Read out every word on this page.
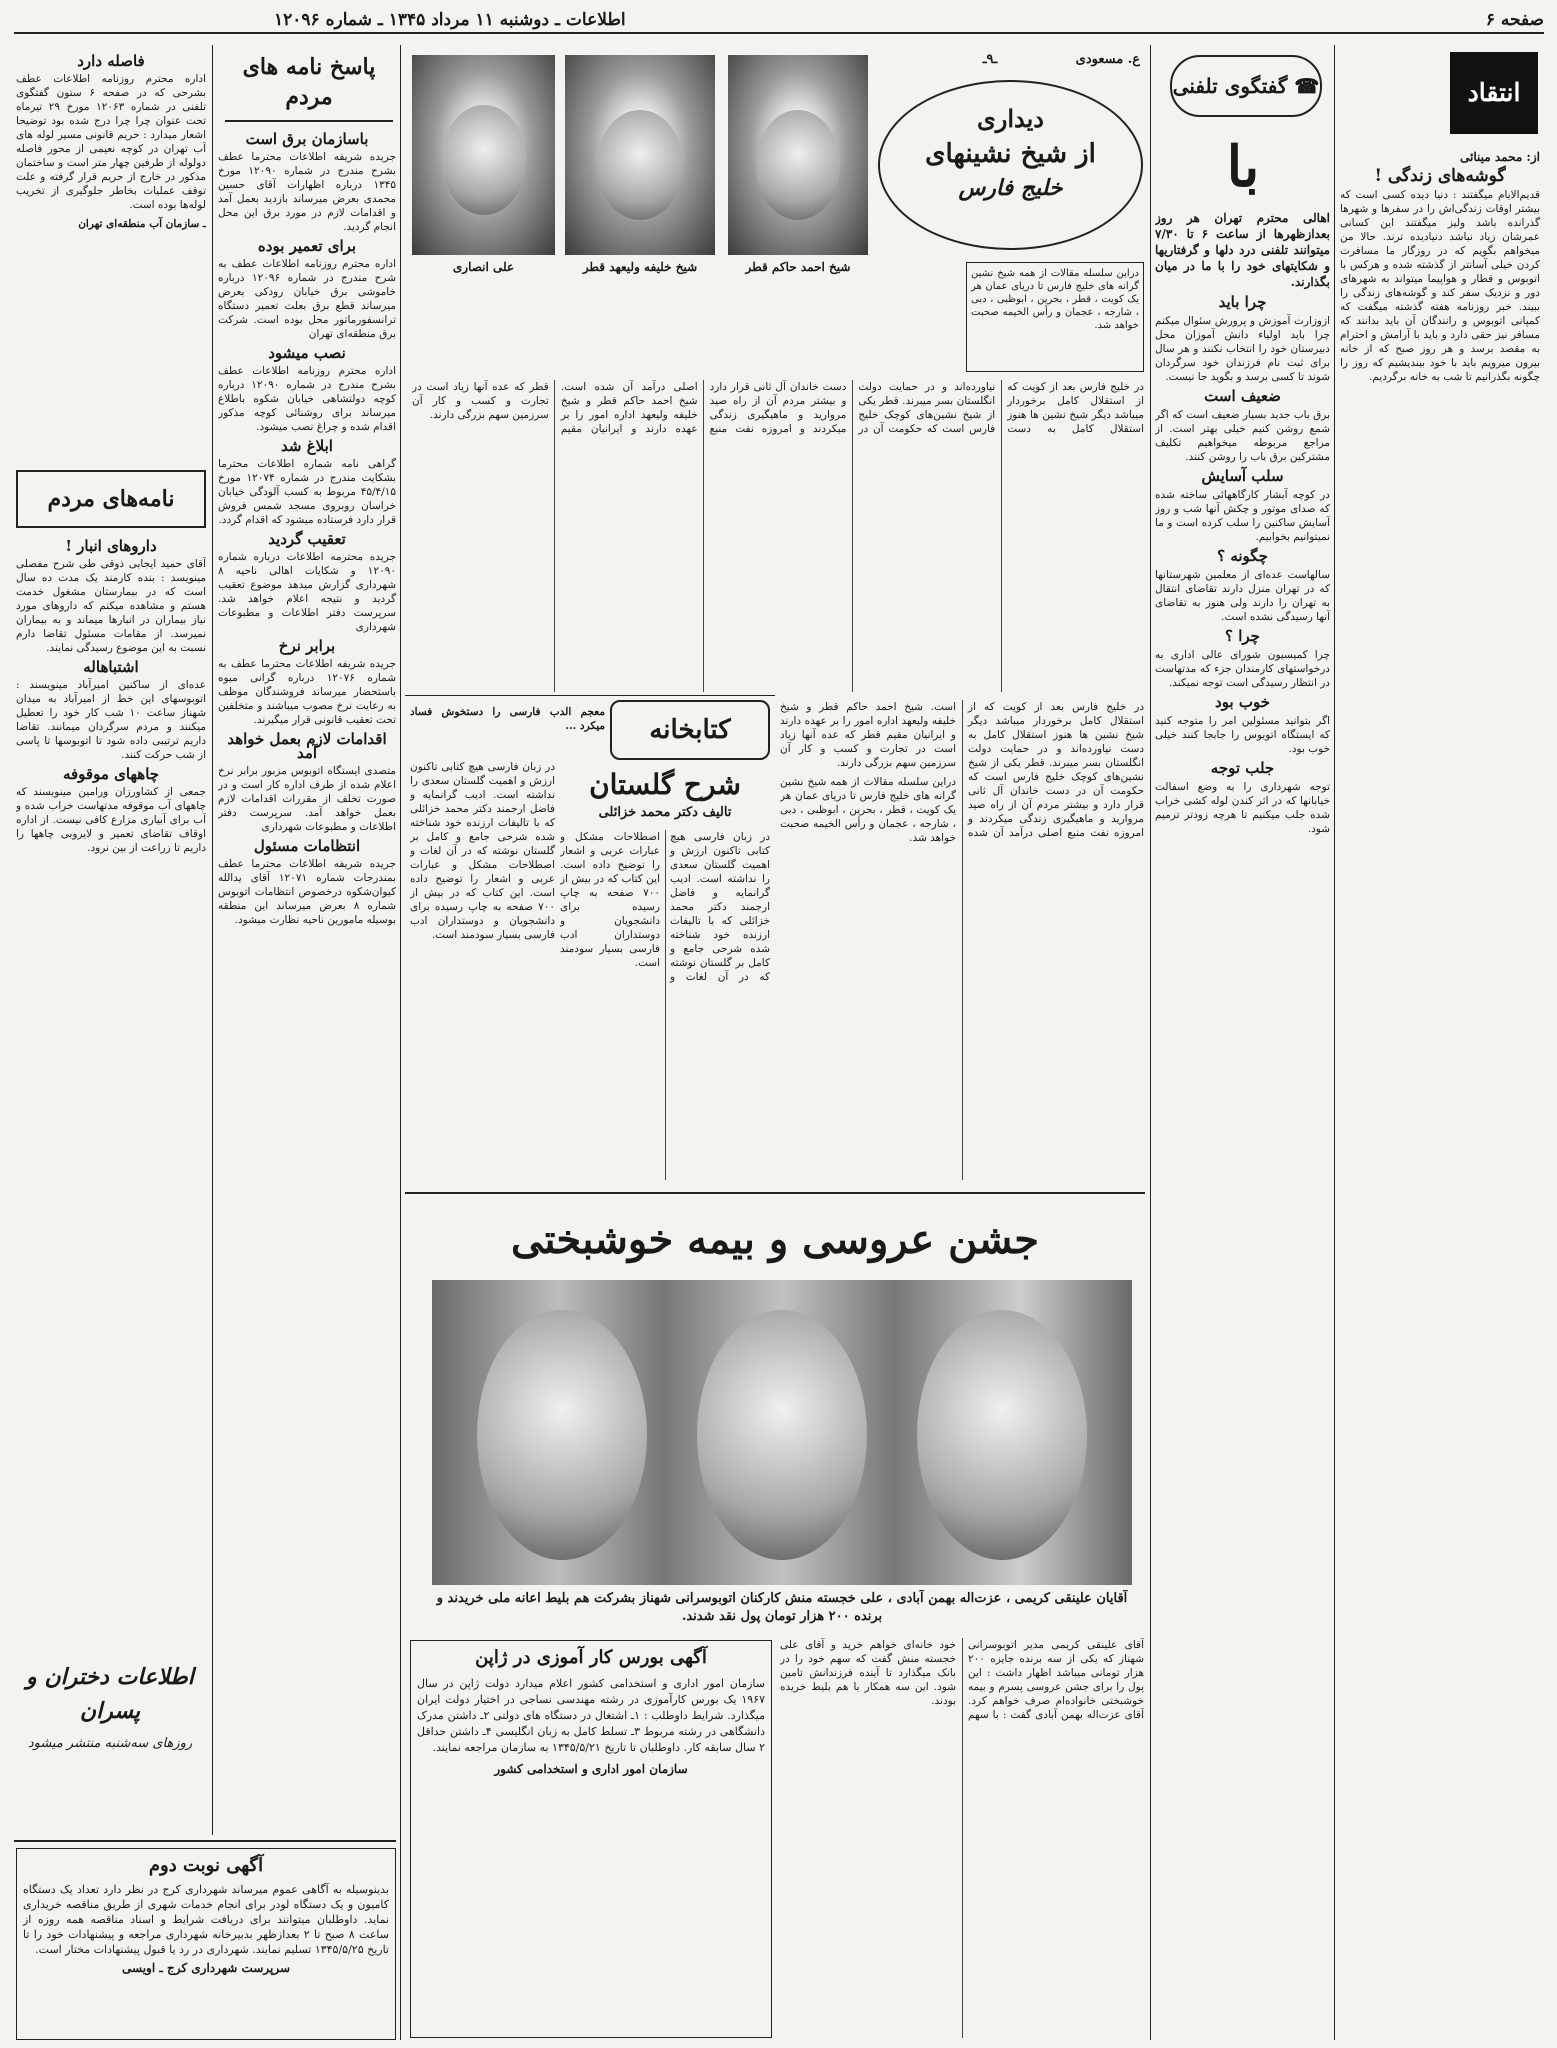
صفحه ۶
اطلاعات ـ دوشنبه ۱۱ مرداد ۱۳۴۵ ـ شماره ۱۲۰۹۶
انتقاد

از: محمد مینائی

گوشه‌های زندگی !

قدیم‌الایام میگفتند : دنیا دیده کسی است که بیشتر اوقات زندگی‌اش را در سفرها و شهرها گذرانده باشد ولیز میگفتند این کسانی عمرشان زیاد نباشد دنیادیده ترند. حالا من میخواهم بگویم که در روزگار ما مسافرت کردن خیلی آسانتر از گذشته شده و هرکس با اتوبوس و قطار و هواپیما میتواند به شهرهای دور و نزدیک سفر کند و گوشه‌های زندگی را ببیند. خبر روزنامه هفته گذشته میگفت که کمپانی اتوبوس و رانندگان آن باید بدانند که مسافر نیز حقی دارد و باید با آرامش و احترام به مقصد برسد و هر روز صبح که از خانه بیرون میرویم باید با خود بیندیشیم که روز را چگونه بگذرانیم تا شب به خانه برگردیم.

☎ گفتگوی تلفنی
با

اهالی محترم تهران هر روز بعدازظهرها از ساعت ۶ تا ۷/۳۰ میتوانند تلفنی درد دلها و گرفتاریها و شکایتهای خود را با ما در میان بگذارند.

چرا باید

ازوزارت آموزش و پرورش سئوال میکنم چرا باید اولیاء دانش آموزان محل دبیرستان خود را انتخاب نکنند و هر سال برای ثبت نام فرزندان خود سرگردان شوند تا کسی برسد و بگوید جا نیست.

ضعیف است

برق باب جدید بسیار ضعیف است که اگر شمع روشن کنیم خیلی بهتر است. از مراجع مربوطه میخواهیم تکلیف مشترکین برق باب را روشن کنند.

سلب آسایش

در کوچه آبشار کارگاههائی ساخته شده که صدای موتور و چکش آنها شب و روز آسایش ساکنین را سلب کرده است و ما نمیتوانیم بخوابیم.

چگونه ؟

سالهاست عده‌ای از معلمین شهرستانها که در تهران منزل دارند تقاضای انتقال به تهران را دارند ولی هنوز به تقاضای آنها رسیدگی نشده است.

چرا ؟

چرا کمیسیون شورای عالی اداری به درخواستهای کارمندان جزء که مدتهاست در انتظار رسیدگی است توجه نمیکند.

خوب بود

اگر بتوانید مسئولین امر را متوجه کنید که ایستگاه اتوبوس را جابجا کنند خیلی خوب بود.

جلب توجه

توجه شهرداری را به وضع اسفالت خیابانها که در اثر کندن لوله کشی خراب شده جلب میکنیم تا هرچه زودتر ترمیم شود.

ع. مسعودی
ـ۹ـ
دیداری
از شیخ نشینهای
خلیج فارس
شیخ احمد حاکم قطر
شیخ خلیفه ولیعهد قطر
علی انصاری	دراین سلسله مقالات از همه شیخ نشین گرانه های خلیج فارس تا دریای عمان هر یک کویت ، قطر ، بحرین ، ابوظبی ، دبی ، شارجه ، عجمان و رأس الخیمه صحبت خواهد شد.

در خلیج فارس بعد از کویت که از استقلال کامل برخوردار میباشد دیگر شیخ نشین ها هنوز استقلال کامل به دست نیاورده‌اند و در حمایت دولت انگلستان بسر میبرند. قطر یکی از شیخ نشین‌های کوچک خلیج فارس است که حکومت آن در دست خاندان آل ثانی قرار دارد و بیشتر مردم آن از راه صید مروارید و ماهیگیری زندگی میکردند و امروزه نفت منبع اصلی درآمد آن شده است. شیخ احمد حاکم قطر و شیخ خلیفه ولیعهد اداره امور را بر عهده دارند و ایرانیان مقیم قطر که عده آنها زیاد است در تجارت و کسب و کار آن سرزمین سهم بزرگی دارند.

در خلیج فارس بعد از کویت که از استقلال کامل برخوردار میباشد دیگر شیخ نشین ها هنوز استقلال کامل به دست نیاورده‌اند و در حمایت دولت انگلستان بسر میبرند. قطر یکی از شیخ نشین‌های کوچک خلیج فارس است که حکومت آن در دست خاندان آل ثانی قرار دارد و بیشتر مردم آن از راه صید مروارید و ماهیگیری زندگی میکردند و امروزه نفت منبع اصلی درآمد آن شده است. شیخ احمد حاکم قطر و شیخ خلیفه ولیعهد اداره امور را بر عهده دارند و ایرانیان مقیم قطر که عده آنها زیاد است در تجارت و کسب و کار آن سرزمین سهم بزرگی دارند.

دراین سلسله مقالات از همه شیخ نشین گرانه های خلیج فارس تا دریای عمان هر یک کویت ، قطر ، بحرین ، ابوظبی ، دبی ، شارجه ، عجمان و رأس الخیمه صحبت خواهد شد.

معجم الدب فارسی را دستخوش فساد میکرد ...	کتابخانه
شرح گلستان
تالیف دکتر محمد خزائلی

در زبان فارسی هیچ کتابی تاکنون ارزش و اهمیت گلستان سعدی را نداشته است. ادیب گرانمایه و فاضل ارجمند دکتر محمد خزائلی که با تالیفات ارزنده خود شناخته شده شرحی جامع و کامل بر گلستان نوشته که در آن لغات و اصطلاحات مشکل و عبارات عربی و اشعار را توضیح داده است. این کتاب که در بیش از ۷۰۰ صفحه به چاپ رسیده برای دانشجویان و دوستداران ادب فارسی بسیار سودمند است.

در زبان فارسی هیچ کتابی تاکنون ارزش و اهمیت گلستان سعدی را نداشته است. ادیب گرانمایه و فاضل ارجمند دکتر محمد خزائلی که با تالیفات ارزنده خود شناخته شده شرحی جامع و کامل بر گلستان نوشته که در آن لغات و اصطلاحات مشکل و عبارات عربی و اشعار را توضیح داده است. این کتاب که در بیش از ۷۰۰ صفحه به چاپ رسیده برای دانشجویان و دوستداران ادب فارسی بسیار سودمند است.

جشن عروسی و بیمه خوشبختی
آقایان علینقی کریمی ، عزت‌اله بهمن آبادی ، علی خجسته منش کارکنان اتوبوسرانی شهناز بشرکت هم بلیط اعانه ملی خریدند و برنده ۲۰۰ هزار تومان پول نقد شدند.

آقای علینقی کریمی مدیر اتوبوسرانی شهناز که یکی از سه برنده جایزه ۲۰۰ هزار تومانی میباشد اظهار داشت : این پول را برای جشن عروسی پسرم و بیمه خوشبختی خانواده‌ام صرف خواهم کرد. آقای عزت‌اله بهمن آبادی گفت : با سهم خود خانه‌ای خواهم خرید و آقای علی خجسته منش گفت که سهم خود را در بانک میگذارد تا آینده فرزندانش تامین شود. این سه همکار با هم بلیط خریده بودند.

آگهی بورس کار آموزی در ژاپن
سازمان امور اداری و استخدامی کشور اعلام میدارد دولت ژاپن در سال ۱۹۶۷ یک بورس کارآموزی در رشته مهندسی نساجی در اختیار دولت ایران میگذارد. شرایط داوطلب : ۱ـ اشتغال در دستگاه های دولتی ۲ـ داشتن مدرک دانشگاهی در رشته مربوط ۳ـ تسلط کامل به زبان انگلیسی ۴ـ داشتن حداقل ۲ سال سابقه کار. داوطلبان تا تاریخ ۱۳۴۵/۵/۲۱ به سازمان مراجعه نمایند.
سازمان امور اداری و استخدامی کشور
پاسخ نامه های مردم
باسازمان برق است

جریده شریفه اطلاعات محترما عطف بشرح مندرج در شماره ۱۲۰۹۰ مورخ ۱۳۴۵ درباره اظهارات آقای حسین محمدی بعرض میرساند بازدید بعمل آمد و اقدامات لازم در مورد برق این محل انجام گردید.

برای تعمیر بوده

اداره محترم روزنامه اطلاعات عطف به شرح مندرج در شماره ۱۲۰۹۶ درباره خاموشی برق خیابان رودکی بعرض میرساند قطع برق بعلت تعمیر دستگاه ترانسفورماتور محل بوده است. شرکت برق منطقه‌ای تهران

نصب میشود

اداره محترم روزنامه اطلاعات عطف بشرح مندرج در شماره ۱۲۰۹۰ درباره کوچه دولتشاهی خیابان شکوه باطلاع میرساند برای روشنائی کوچه مذکور اقدام شده و چراغ نصب میشود.

ابلاغ شد

گراهی نامه شماره اطلاعات محترما بشکایت مندرج در شماره ۱۲۰۷۴ مورخ ۴۵/۴/۱۵ مربوط به کسب آلودگی خیابان خراسان روبروی مسجد شمس فروش قرار دارد فرستاده میشود که اقدام گردد.

تعقیب گردید

جریده محترمه اطلاعات درباره شماره ۱۲۰۹۰ و شکایات اهالی ناحیه ۸ شهرداری گزارش میدهد موضوع تعقیب گردید و نتیجه اعلام خواهد شد. سرپرست دفتر اطلاعات و مطبوعات شهرداری

برابر نرخ

جریده شریفه اطلاعات محترما عطف به شماره ۱۲۰۷۶ درباره گرانی میوه باستحضار میرساند فروشندگان موظف به رعایت نرخ مصوب میباشند و متخلفین تحت تعقیب قانونی قرار میگیرند.

اقدامات لازم بعمل خواهد آمد

متصدی ایستگاه اتوبوس مزبور برابر نرخ اعلام شده از طرف اداره کار است و در صورت تخلف از مقررات اقدامات لازم بعمل خواهد آمد. سرپرست دفتر اطلاعات و مطبوعات شهرداری

انتظامات مسئول

جریده شریفه اطلاعات محترما عطف بمندرجات شماره ۱۲۰۷۱ آقای یدالله کیوان‌شکوه درخصوص انتظامات اتوبوس شماره ۸ بعرض میرساند این منطقه بوسیله مامورین ناحیه نظارت میشود.

فاصله دارد

اداره محترم روزنامه اطلاعات عطف بشرحی که در صفحه ۶ ستون گفتگوی تلفنی در شماره ۱۲۰۶۳ مورخ ۲۹ تیرماه تحت عنوان چرا چرا درج شده بود توضیحا اشعار میدارد : حریم قانونی مسیر لوله های آب تهران در کوچه نعیمی از محور فاصله دولوله از طرفین چهار متر است و ساختمان مذکور در خارج از حریم قرار گرفته و علت توقف عملیات بخاطر جلوگیری از تخریب لوله‌ها بوده است.

ـ سازمان آب منطقه‌ای تهران

نامه‌های مردم
داروهای انبار !

آقای حمید ایجابی ذوقی طی شرح مفصلی مینویسد : بنده کارمند یک مدت ده سال است که در بیمارستان مشغول خدمت هستم و مشاهده میکنم که داروهای مورد نیاز بیماران در انبارها میماند و به بیماران نمیرسد. از مقامات مسئول تقاضا دارم نسبت به این موضوع رسیدگی نمایند.

اشتباهاله

عده‌ای از ساکنین امیرآباد مینویسند : اتوبوسهای این خط از امیرآباد به میدان شهناز ساعت ۱۰ شب کار خود را تعطیل میکنند و مردم سرگردان میمانند. تقاضا داریم ترتیبی داده شود تا اتوبوسها تا پاسی از شب حرکت کنند.

چاههای موقوفه

جمعی از کشاورزان ورامین مینویسند که چاههای آب موقوفه مدتهاست خراب شده و آب برای آبیاری مزارع کافی نیست. از اداره اوقاف تقاضای تعمیر و لایروبی چاهها را داریم تا زراعت از بین نرود.

اطلاعات دختران و پسران
روزهای سه‌شنبه منتشر میشود
آگهی نوبت دوم
بدینوسیله به آگاهی عموم میرساند شهرداری کرج در نظر دارد تعداد یک دستگاه کامیون و یک دستگاه لودر برای انجام خدمات شهری از طریق مناقصه خریداری نماید. داوطلبان میتوانند برای دریافت شرایط و اسناد مناقصه همه روزه از ساعت ۸ صبح تا ۲ بعدازظهر بدبیرخانه شهرداری مراجعه و پیشنهادات خود را تا تاریخ ۱۳۴۵/۵/۲۵ تسلیم نمایند. شهرداری در رد یا قبول پیشنهادات مختار است.
سرپرست شهرداری کرج ـ اویسی
